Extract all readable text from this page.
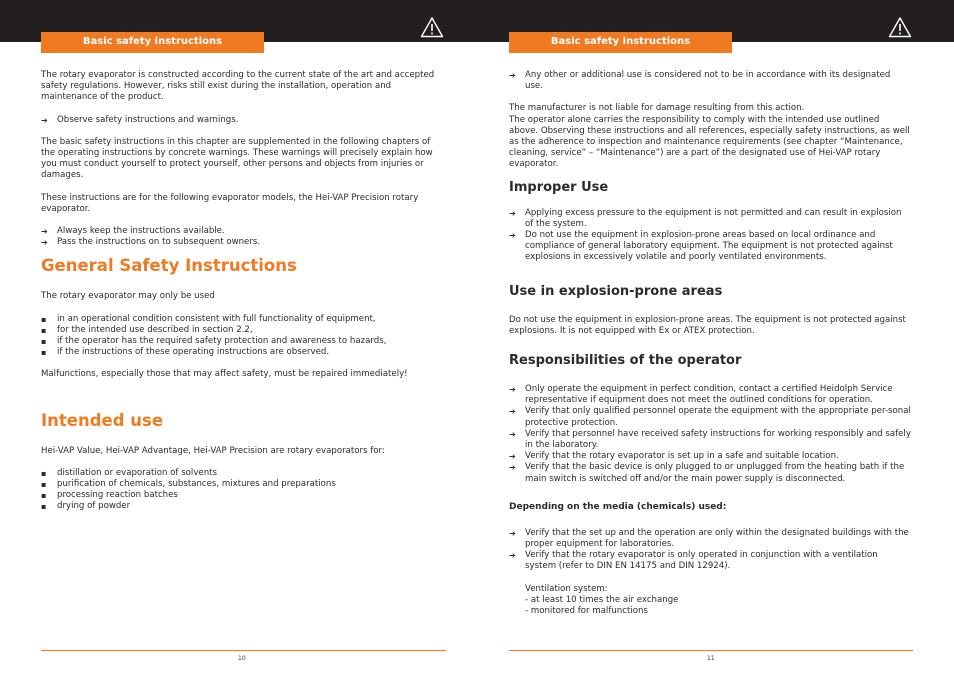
Basic safety instructions	Basic safety instructions

The rotary evaporator is constructed according to the current state of the art and accepted safety regulations. However, risks still exist during the installation, operation and maintenance of the product.

➔ Observe safety instructions and warnings.

The basic safety instructions in this chapter are supplemented in the following chapters of the operating instructions by concrete warnings. These warnings will precisely explain how you must conduct yourself to protect yourself, other persons and objects from injuries or damages.

These instructions are for the following evaporator models, the Hei-VAP Precision rotary evaporator.

➔ Always keep the instructions available.
➔ Pass the instructions on to subsequent owners.
General Safety Instructions

The rotary evaporator may only be used

▪ in an operational condition consistent with full functionality of equipment,
▪ for the intended use described in section 2.2,
▪ if the operator has the required safety protection and awareness to hazards,
▪ if the instructions of these operating instructions are observed.

Malfunctions, especially those that may affect safety, must be repaired immediately!

Intended use

Hei-VAP Value, Hei-VAP Advantage, Hei-VAP Precision are rotary evaporators for:

▪ distillation or evaporation of solvents
▪ purification of chemicals, substances, mixtures and preparations
▪ processing reaction batches
▪ drying of powder
➔ Any other or additional use is considered not to be in accordance with its designated use.

The manufacturer is not liable for damage resulting from this action.

The operator alone carries the responsibility to comply with the intended use outlined above. Observing these instructions and all references, especially safety instructions, as well as the adherence to inspection and maintenance requirements (see chapter “Maintenance, cleaning, service” – “Maintenance”) are a part of the designated use of Hei-VAP rotary evaporator.

Improper Use
➔ Applying excess pressure to the equipment is not permitted and can result in explosion of the system.
➔ Do not use the equipment in explosion-prone areas based on local ordinance and compliance of general laboratory equipment. The equipment is not protected against explosions in excessively volatile and poorly ventilated environments.
Use in explosion-prone areas

Do not use the equipment in explosion-prone areas. The equipment is not protected against explosions. It is not equipped with Ex or ATEX protection.

Responsibilities of the operator
➔ Only operate the equipment in perfect condition, contact a certified Heidolph Service representative if equipment does not meet the outlined conditions for operation.
➔ Verify that only qualified personnel operate the equipment with the appropriate per-sonal protective protection.
➔ Verify that personnel have received safety instructions for working responsibly and safely in the laboratory.
➔ Verify that the rotary evaporator is set up in a safe and suitable location.
➔ Verify that the basic device is only plugged to or unplugged from the heating bath if the main switch is switched off and/or the main power supply is disconnected.
Depending on the media (chemicals) used:
➔ Verify that the set up and the operation are only within the designated buildings with the proper equipment for laboratories.
➔ Verify that the rotary evaporator is only operated in conjunction with a ventilation system (refer to DIN EN 14175 and DIN 12924).
Ventilation system:
- at least 10 times the air exchange
- monitored for malfunctions
10	11
